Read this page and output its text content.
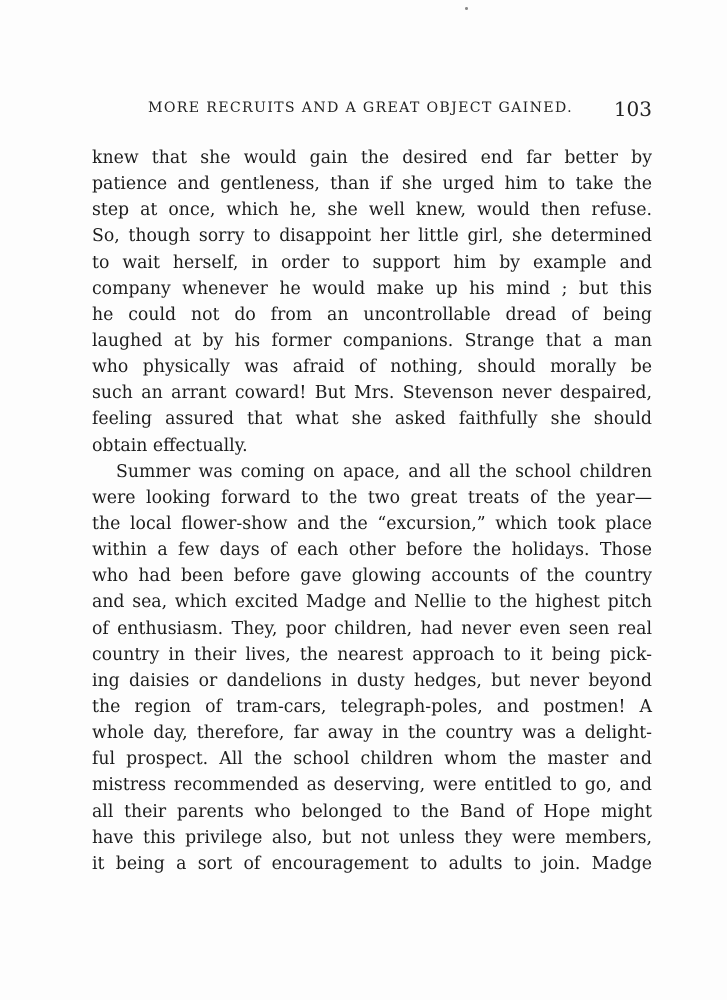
MORE RECRUITS AND A GREAT OBJECT GAINED. 103
knew that she would gain the desired end far better by
patience and gentleness, than if she urged him to take the
step at once, which he, she well knew, would then refuse.
So, though sorry to disappoint her little girl, she determined
to wait herself, in order to support him by example and
company whenever he would make up his mind ; but this
he could not do from an uncontrollable dread of being
laughed at by his former companions. Strange that a man
who physically was afraid of nothing, should morally be
such an arrant coward! But Mrs. Stevenson never despaired,
feeling assured that what she asked faithfully she should
obtain effectually.
Summer was coming on apace, and all the school children
were looking forward to the two great treats of the year—
the local flower-show and the “excursion,” which took place
within a few days of each other before the holidays. Those
who had been before gave glowing accounts of the country
and sea, which excited Madge and Nellie to the highest pitch
of enthusiasm. They, poor children, had never even seen real
country in their lives, the nearest approach to it being pick-
ing daisies or dandelions in dusty hedges, but never beyond
the region of tram-cars, telegraph-poles, and postmen! A
whole day, therefore, far away in the country was a delight-
ful prospect. All the school children whom the master and
mistress recommended as deserving, were entitled to go, and
all their parents who belonged to the Band of Hope might
have this privilege also, but not unless they were members,
it being a sort of encouragement to adults to join. Madge
